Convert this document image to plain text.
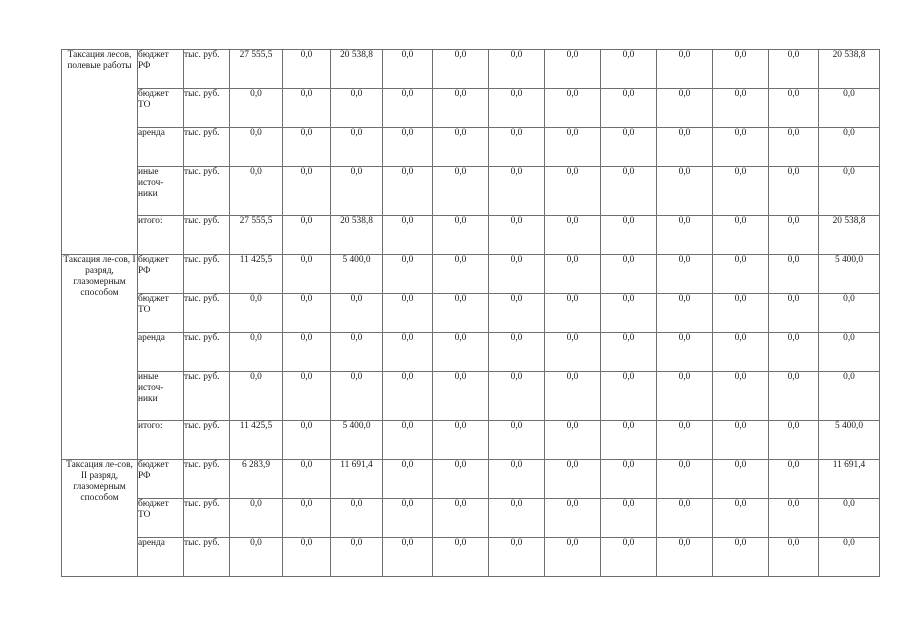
Таксация лесов, полевые работы	бюджет РФ	тыс. руб.	27 555,5	0,0	20 538,8	0,0	0,0	0,0	0,0	0,0	0,0	0,0	0,0	20 538,8
	бюджет ТО	тыс. руб.	0,0	0,0	0,0	0,0	0,0	0,0	0,0	0,0	0,0	0,0	0,0	0,0
	аренда	тыс. руб.	0,0	0,0	0,0	0,0	0,0	0,0	0,0	0,0	0,0	0,0	0,0	0,0
	иные источ-ники	тыс. руб.	0,0	0,0	0,0	0,0	0,0	0,0	0,0	0,0	0,0	0,0	0,0	0,0
	итого:	тыс. руб.	27 555,5	0,0	20 538,8	0,0	0,0	0,0	0,0	0,0	0,0	0,0	0,0	20 538,8
Таксация ле-сов, I разряд, глазомерным способом	бюджет РФ	тыс. руб.	11 425,5	0,0	5 400,0	0,0	0,0	0,0	0,0	0,0	0,0	0,0	0,0	5 400,0
	бюджет ТО	тыс. руб.	0,0	0,0	0,0	0,0	0,0	0,0	0,0	0,0	0,0	0,0	0,0	0,0
	аренда	тыс. руб.	0,0	0,0	0,0	0,0	0,0	0,0	0,0	0,0	0,0	0,0	0,0	0,0
	иные источ-ники	тыс. руб.	0,0	0,0	0,0	0,0	0,0	0,0	0,0	0,0	0,0	0,0	0,0	0,0
	итого:	тыс. руб.	11 425,5	0,0	5 400,0	0,0	0,0	0,0	0,0	0,0	0,0	0,0	0,0	5 400,0
Таксация ле-сов, II разряд, глазомерным способом	бюджет РФ	тыс. руб.	6 283,9	0,0	11 691,4	0,0	0,0	0,0	0,0	0,0	0,0	0,0	0,0	11 691,4
	бюджет ТО	тыс. руб.	0,0	0,0	0,0	0,0	0,0	0,0	0,0	0,0	0,0	0,0	0,0	0,0
	аренда	тыс. руб.	0,0	0,0	0,0	0,0	0,0	0,0	0,0	0,0	0,0	0,0	0,0	0,0
